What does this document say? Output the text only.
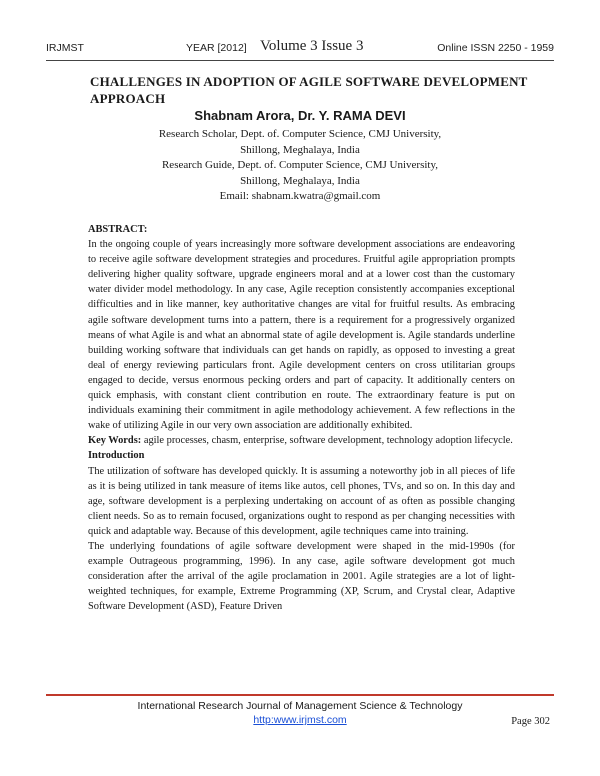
IRJMST	YEAR [2012] Volume 3 Issue 3	Online ISSN 2250 - 1959
CHALLENGES IN ADOPTION OF AGILE SOFTWARE DEVELOPMENT APPROACH
Shabnam Arora, Dr. Y. RAMA DEVI
Research Scholar, Dept. of. Computer Science, CMJ University,
Shillong, Meghalaya, India
Research Guide, Dept. of. Computer Science, CMJ University,
Shillong, Meghalaya, India
Email: shabnam.kwatra@gmail.com

ABSTRACT:

In the ongoing couple of years increasingly more software development associations are endeavoring to receive agile software development strategies and procedures. Fruitful agile appropriation prompts delivering higher quality software, upgrade engineers moral and at a lower cost than the customary water divider model methodology. In any case, Agile reception consistently accompanies exceptional difficulties and in like manner, key authoritative changes are vital for fruitful results. As embracing agile software development turns into a pattern, there is a requirement for a progressively organized means of what Agile is and what an abnormal state of agile development is. Agile standards underline building working software that individuals can get hands on rapidly, as opposed to investing a great deal of energy reviewing particulars front. Agile development centers on cross utilitarian groups engaged to decide, versus enormous pecking orders and part of capacity. It additionally centers on quick emphasis, with constant client contribution en route. The extraordinary feature is put on individuals examining their commitment in agile methodology achievement. A few reflections in the wake of utilizing Agile in our very own association are additionally exhibited.

Key Words: agile processes, chasm, enterprise, software development, technology adoption lifecycle.

Introduction

The utilization of software has developed quickly. It is assuming a noteworthy job in all pieces of life as it is being utilized in tank measure of items like autos, cell phones, TVs, and so on. In this day and age, software development is a perplexing undertaking on account of as often as possible changing client needs. So as to remain focused, organizations ought to respond as per changing necessities with quick and adaptable way. Because of this development, agile techniques came into training.

The underlying foundations of agile software development were shaped in the mid-1990s (for example Outrageous programming, 1996). In any case, agile software development got much consideration after the arrival of the agile proclamation in 2001. Agile strategies are a lot of light-weighted techniques, for example, Extreme Programming (XP, Scrum, and Crystal clear, Adaptive Software Development (ASD), Feature Driven

International Research Journal of Management Science & Technology
http:www.irjmst.com	Page 302
